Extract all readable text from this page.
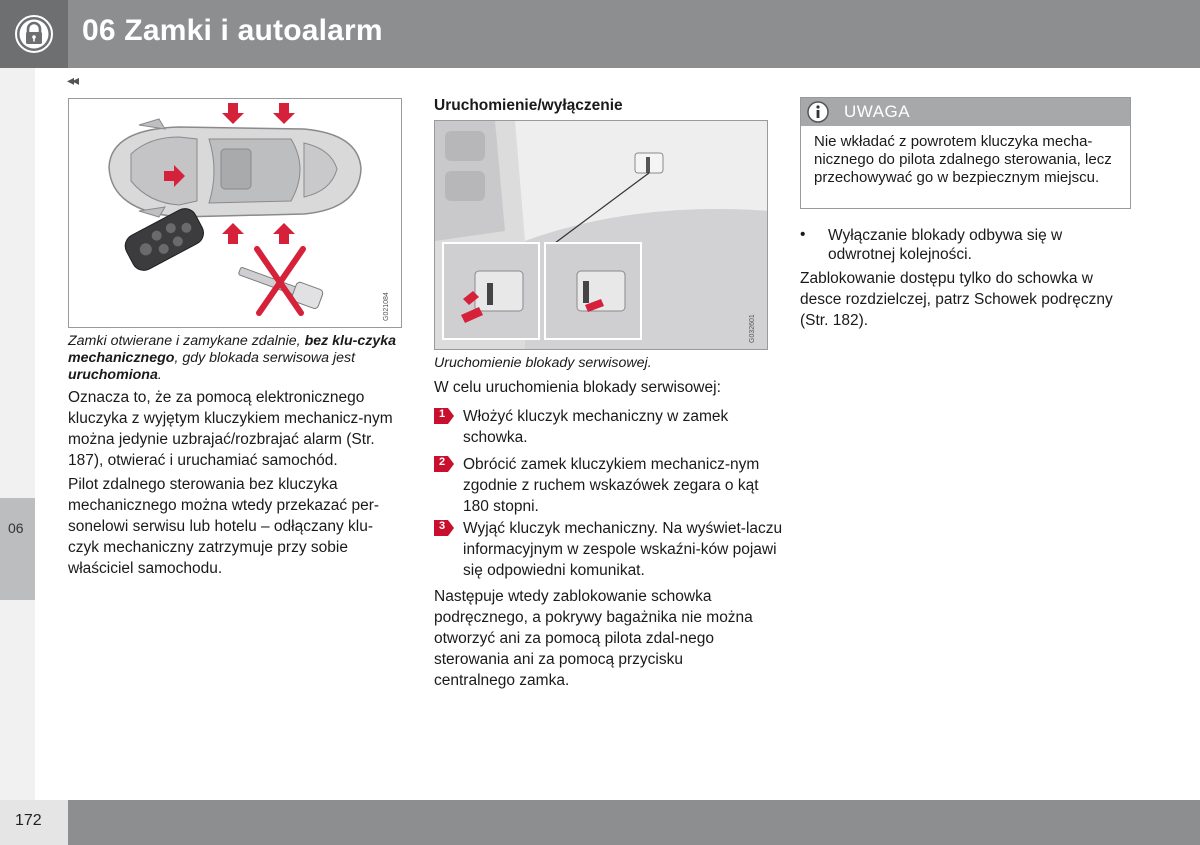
06 Zamki i autoalarm
06
◂◂
G021084
Zamki otwierane i zamykane zdalnie, bez klu-czyka mechanicznego, gdy blokada serwisowa jest uruchomiona.
Oznacza to, że za pomocą elektronicznego kluczyka z wyjętym kluczykiem mechanicz-nym można jedynie uzbrajać/rozbrajać alarm (Str. 187), otwierać i uruchamiać samochód.
Pilot zdalnego sterowania bez kluczyka mechanicznego można wtedy przekazać per-sonelowi serwisu lub hotelu – odłączany klu-czyk mechaniczny zatrzymuje przy sobie właściciel samochodu.
Uruchomienie/wyłączenie
G032601
Uruchomienie blokady serwisowej.
W celu uruchomienia blokady serwisowej:
1 Włożyć kluczyk mechaniczny w zamek schowka.
2 Obrócić zamek kluczykiem mechanicz-nym zgodnie z ruchem wskazówek zegara o kąt 180 stopni.
3 Wyjąć kluczyk mechaniczny. Na wyświet-laczu informacyjnym w zespole wskaźni-ków pojawi się odpowiedni komunikat.
Następuje wtedy zablokowanie schowka podręcznego, a pokrywy bagażnika nie można otworzyć ani za pomocą pilota zdal-nego sterowania ani za pomocą przycisku centralnego zamka.
UWAGA
Nie wkładać z powrotem kluczyka mecha-nicznego do pilota zdalnego sterowania, lecz przechowywać go w bezpiecznym miejscu.
• Wyłączanie blokady odbywa się w odwrotnej kolejności.
Zablokowanie dostępu tylko do schowka w desce rozdzielczej, patrz Schowek podręczny (Str. 182).
172
